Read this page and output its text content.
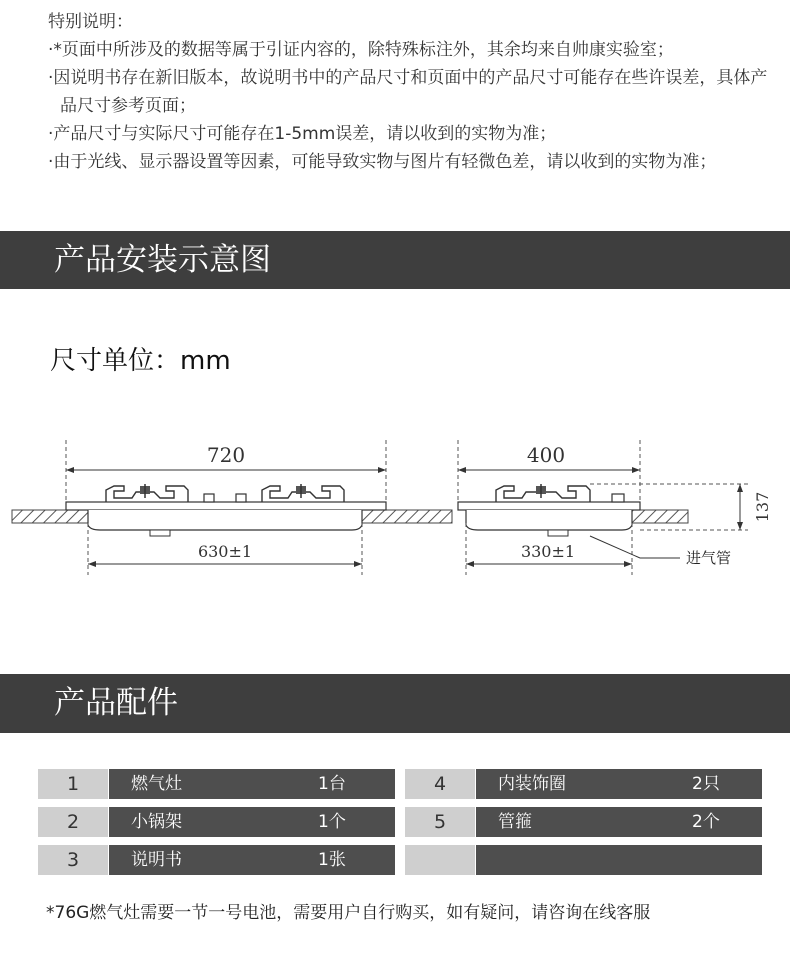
特别说明：
·*页面中所涉及的数据等属于引证内容的，除特殊标注外，其余均来自帅康实验室；
·因说明书存在新旧版本，故说明书中的产品尺寸和页面中的产品尺寸可能存在些许误差，具体产品尺寸参考页面；
·产品尺寸与实际尺寸可能存在1-5mm误差，请以收到的实物为准；
·由于光线、显示器设置等因素，可能导致实物与图片有轻微色差，请以收到的实物为准；
产品安装示意图
尺寸单位：mm
720
630±1
400
137
330±1	进气管
产品配件
1	燃气灶	1台	4	内装饰圈	2只
2	小锅架	1个	5	管箍	2个
3	说明书	1张
*76G燃气灶需要一节一号电池，需要用户自行购买，如有疑问，请咨询在线客服
